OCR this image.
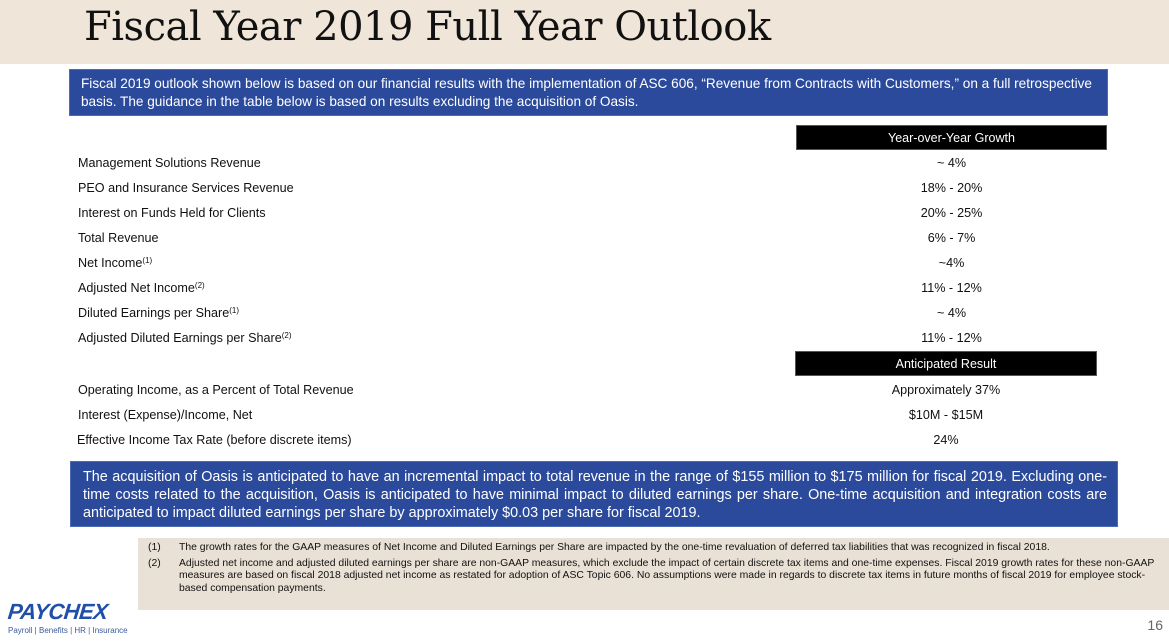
Fiscal Year 2019 Full Year Outlook
Fiscal 2019 outlook shown below is based on our financial results with the implementation of ASC 606, “Revenue from Contracts with Customers,” on a full retrospective basis. The guidance in the table below is based on results excluding the acquisition of Oasis.
Year-over-Year Growth
Management Solutions Revenue	~ 4%
PEO and Insurance Services Revenue	18% - 20%
Interest on Funds Held for Clients	20% - 25%
Total Revenue	6% - 7%
Net Income$^{(1)}$	~4%
Adjusted Net Income$^{(2)}$	11% - 12%
Diluted Earnings per Share$^{(1)}$	~ 4%
Adjusted Diluted Earnings per Share$^{(2)}$	11% - 12%
Anticipated Result
Operating Income, as a Percent of Total Revenue	Approximately 37%
Interest (Expense)/Income, Net	$10M - $15M
Effective Income Tax Rate (before discrete items)	24%
The acquisition of Oasis is anticipated to have an incremental impact to total revenue in the range of $155 million to $175 million for fiscal 2019. Excluding one-time costs related to the acquisition, Oasis is anticipated to have minimal impact to diluted earnings per share. One-time acquisition and integration costs are anticipated to impact diluted earnings per share by approximately $0.03 per share for fiscal 2019.
(1)	The growth rates for the GAAP measures of Net Income and Diluted Earnings per Share are impacted by the one-time revaluation of deferred tax liabilities that was recognized in fiscal 2018.
(2)	Adjusted net income and adjusted diluted earnings per share are non-GAAP measures, which exclude the impact of certain discrete tax items and one-time expenses. Fiscal 2019 growth rates for these non-GAAP measures are based on fiscal 2018 adjusted net income as restated for adoption of ASC Topic 606. No assumptions were made in regards to discrete tax items in future months of fiscal 2019 for employee stock-based compensation payments.
PAYCHEX
Payroll | Benefits | HR | Insurance	16
